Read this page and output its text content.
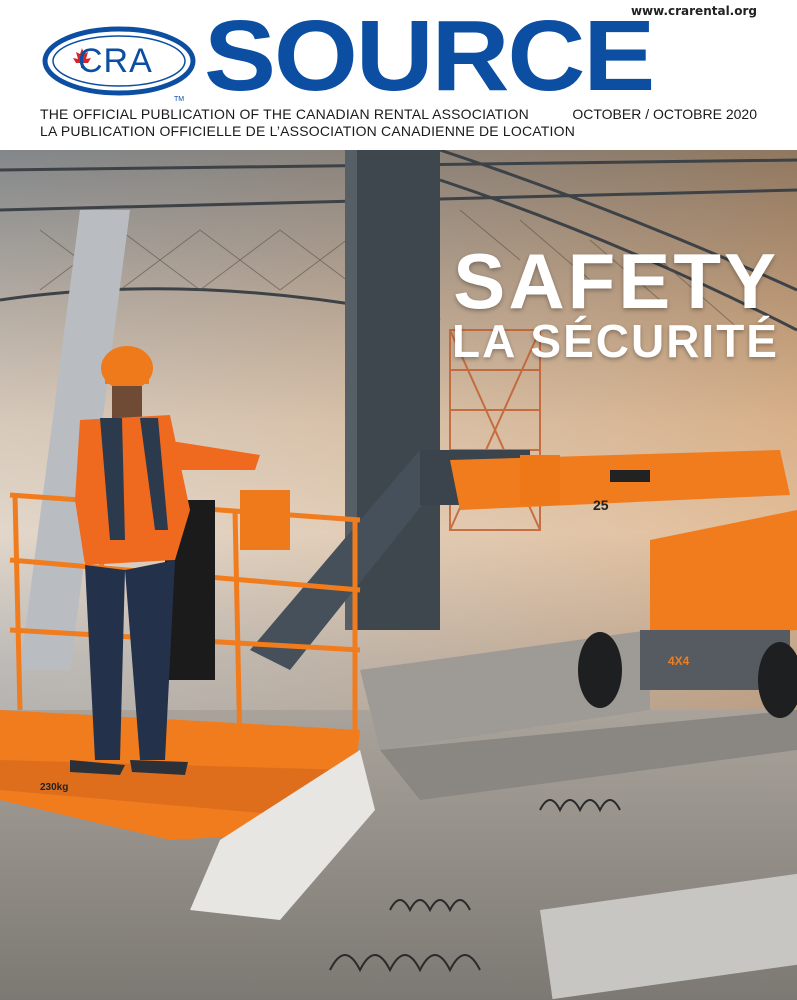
www.crarental.org
CRA
TM SOURCE
THE OFFICIAL PUBLICATION OF THE CANADIAN RENTAL ASSOCIATION
LA PUBLICATION OFFICIELLE DE L’ASSOCIATION CANADIENNE DE LOCATION
OCTOBER / OCTOBRE 2020
25
4X4
230kg
SAFETY
LA SÉCURITÉ
